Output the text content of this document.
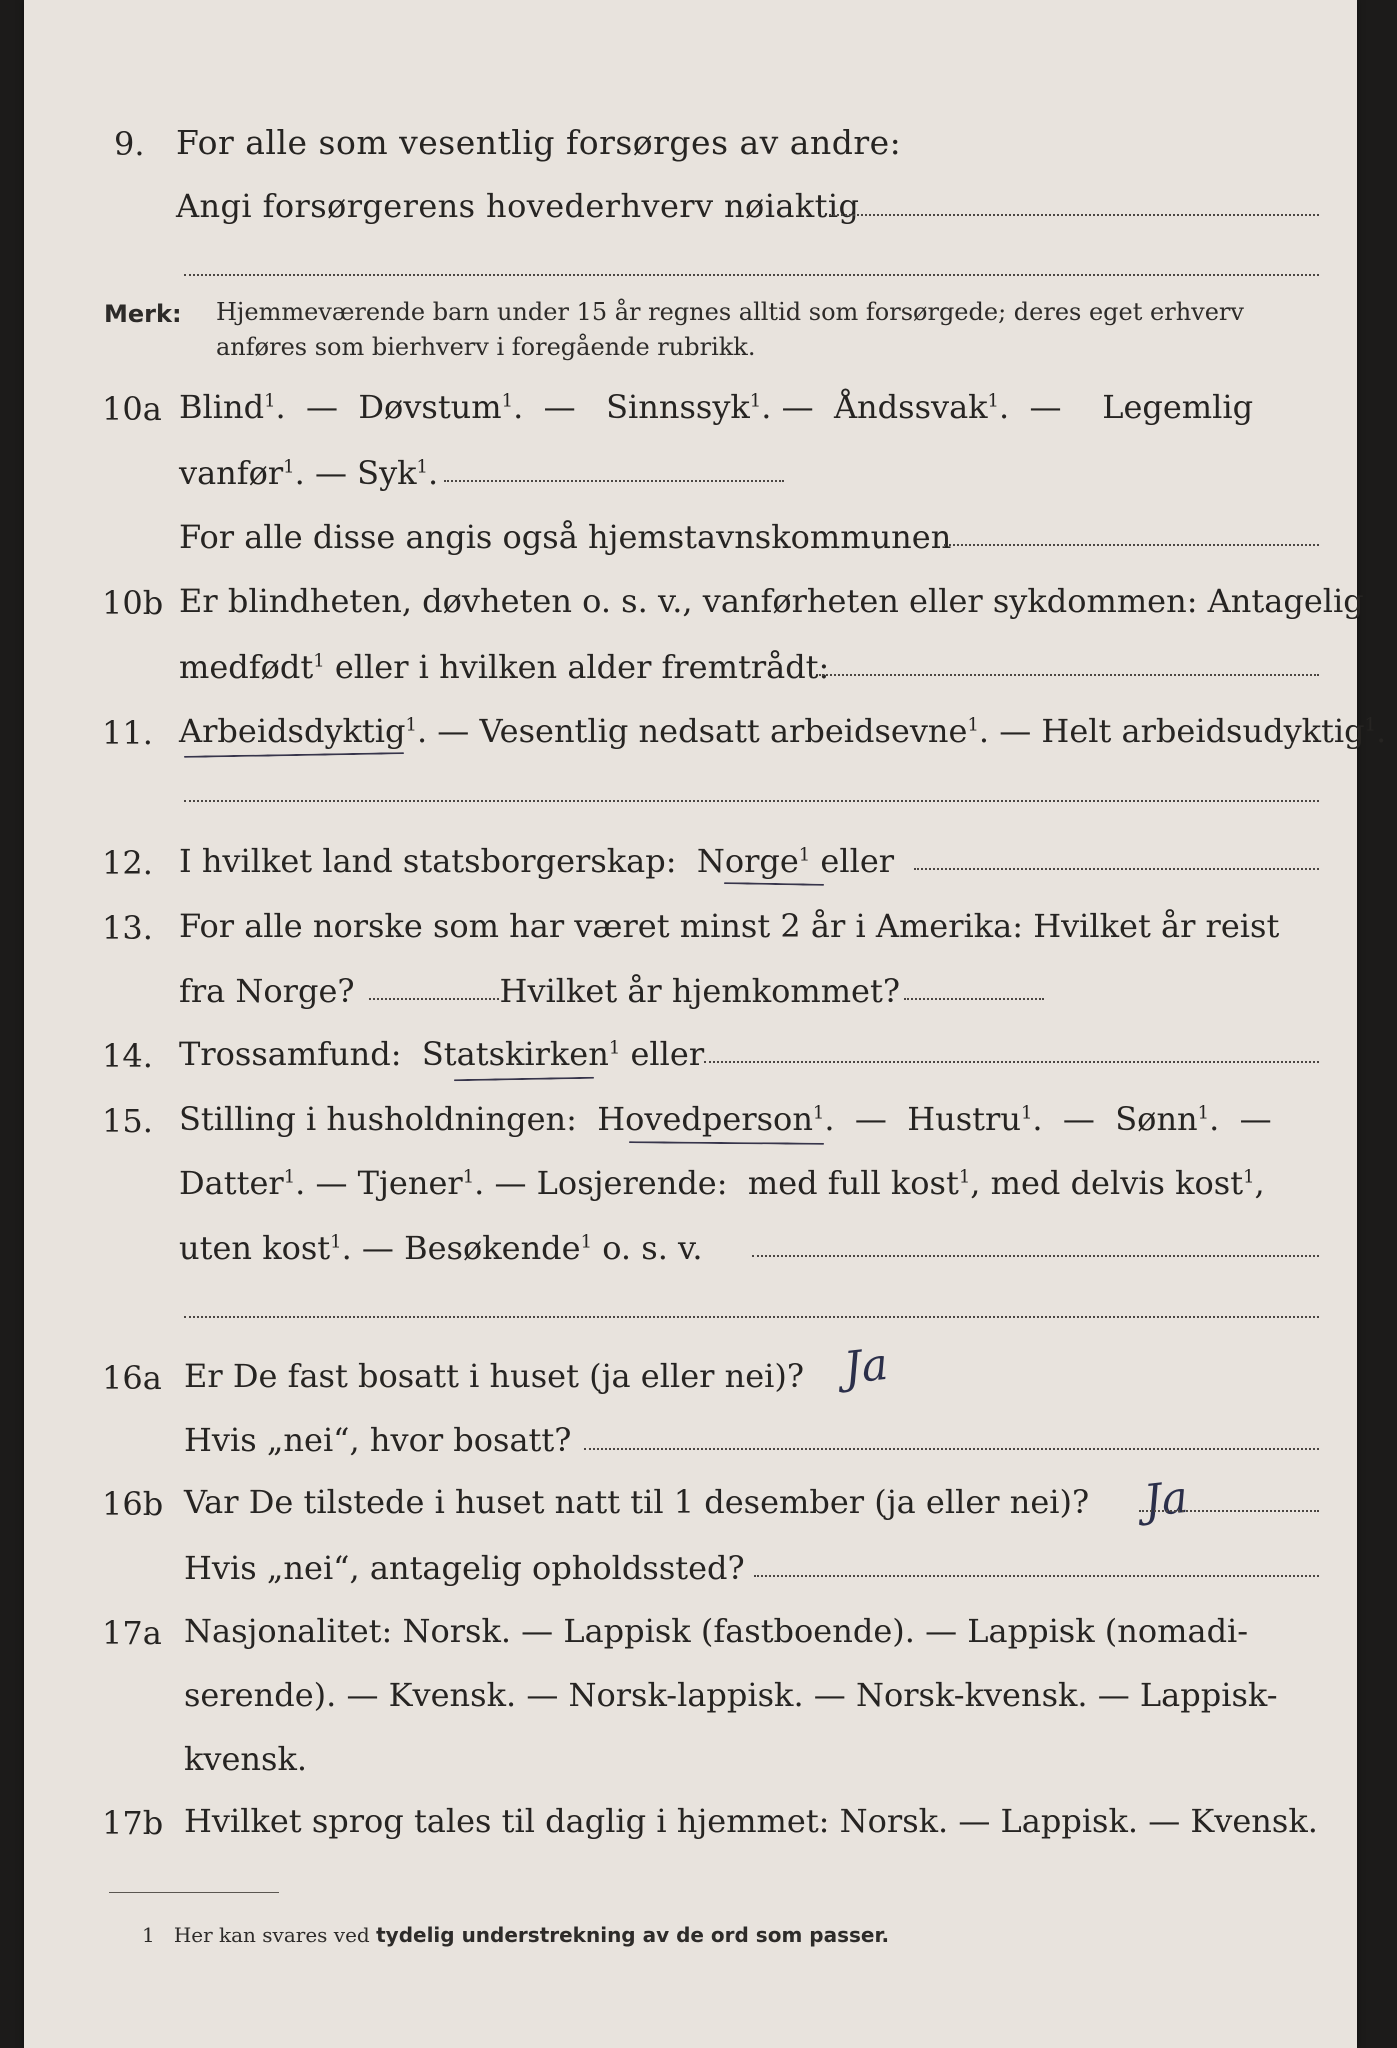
9. For alle som vesentlig forsørges av andre:
Angi forsørgerens hovederhverv nøiaktig
Merk: Hjemmeværende barn under 15 år regnes alltid som forsørgede; deres eget erhverv
anføres som bierhverv i foregående rubrikk.
10a Blind$^1$.  —  Døvstum$^1$.  —   Sinnssyk$^1$. —  Åndssvak$^1$.  —    Legemlig
vanfør$^1$. — Syk$^1$.
For alle disse angis også hjemstavnskommunen
10b Er blindheten, døvheten o. s. v., vanførheten eller sykdommen: Antagelig
medfødt$^1$ eller i hvilken alder fremtrådt:
11. Arbeidsdyktig$^1$. — Vesentlig nedsatt arbeidsevne$^1$. — Helt arbeidsudyktig$^1$.
12. I hvilket land statsborgerskap: Norge$^1$ eller
13. For alle norske som har været minst 2 år i Amerika: Hvilket år reist
fra Norge?	Hvilket år hjemkommet?
14. Trossamfund: Statskirken$^1$ eller
15. Stilling i husholdningen: Hovedperson$^1$.  —  Hustru$^1$.  —  Sønn$^1$.  —
Datter$^1$. — Tjener$^1$. — Losjerende: med full kost$^1$, med delvis kost$^1$,
uten kost$^1$. — Besøkende$^1$ o. s. v.
16a Er De fast bosatt i huset (ja eller nei)? Ja
Hvis „nei“, hvor bosatt?
16b Var De tilstede i huset natt til 1 desember (ja eller nei)? Ja
Hvis „nei“, antagelig opholdssted?
17a Nasjonalitet: Norsk. — Lappisk (fastboende). — Lappisk (nomadi-
serende). — Kvensk. — Norsk-lappisk. — Norsk-kvensk. — Lappisk-
kvensk.
17b Hvilket sprog tales til daglig i hjemmet: Norsk. — Lappisk. — Kvensk.
1 Her kan svares ved tydelig understrekning av de ord som passer.
